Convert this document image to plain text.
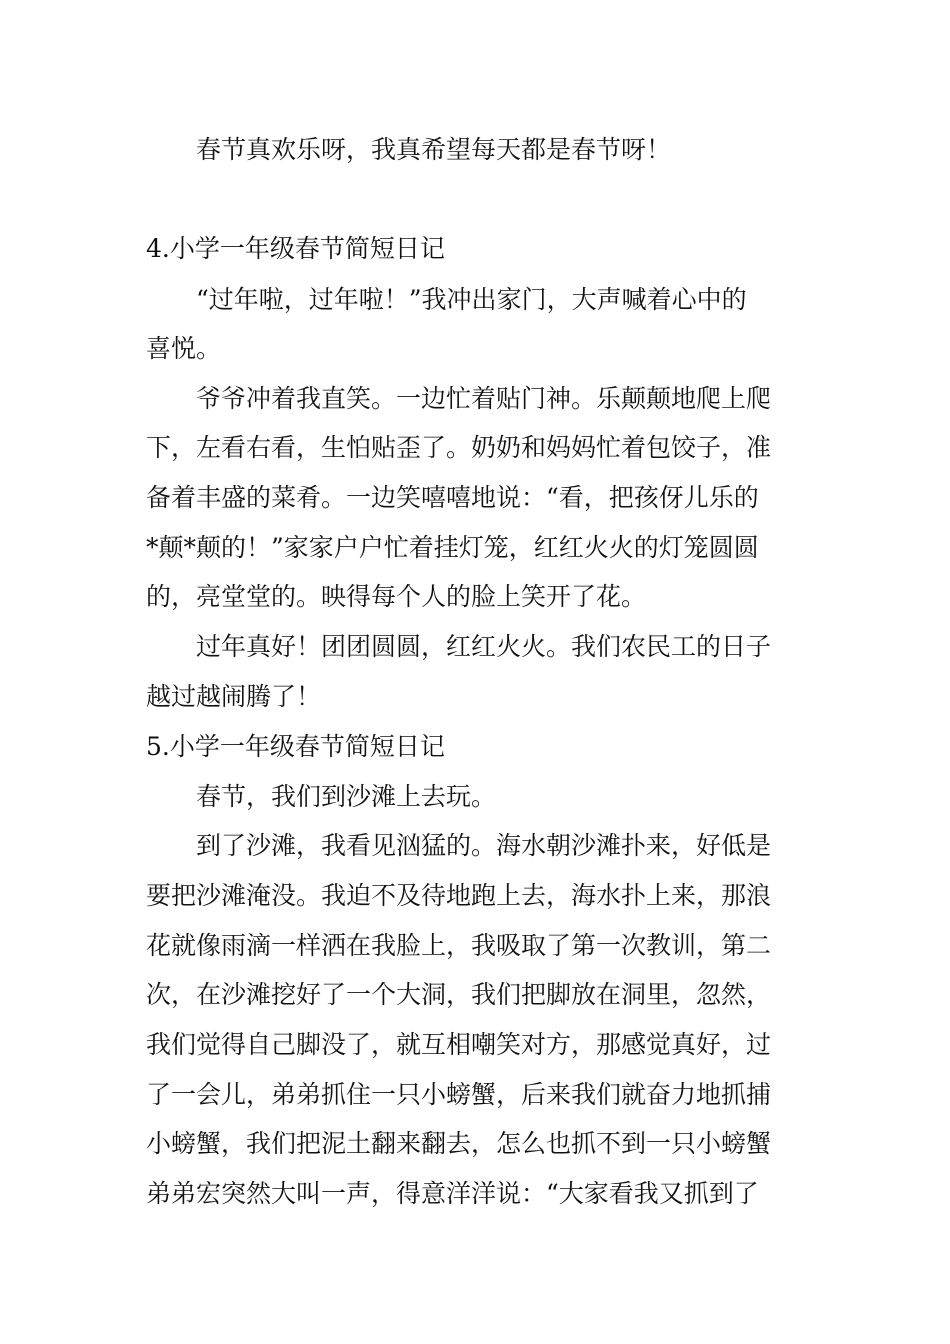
春节真欢乐呀，我真希望每天都是春节呀！
4.小学一年级春节简短日记
“过年啦，过年啦！”我冲出家门，大声喊着心中的
喜悦。
爷爷冲着我直笑。一边忙着贴门神。乐颠颠地爬上爬
下，左看右看，生怕贴歪了。奶奶和妈妈忙着包饺子，准
备着丰盛的菜肴。一边笑嘻嘻地说：“看，把孩伢儿乐的
*颠*颠的！”家家户户忙着挂灯笼，红红火火的灯笼圆圆
的，亮堂堂的。映得每个人的脸上笑开了花。
过年真好！团团圆圆，红红火火。我们农民工的日子
越过越闹腾了！
5.小学一年级春节简短日记
春节，我们到沙滩上去玩。
到了沙滩，我看见汹猛的。海水朝沙滩扑来，好低是
要把沙滩淹没。我迫不及待地跑上去，海水扑上来，那浪
花就像雨滴一样洒在我脸上，我吸取了第一次教训，第二
次，在沙滩挖好了一个大洞，我们把脚放在洞里，忽然，
我们觉得自己脚没了，就互相嘲笑对方，那感觉真好，过
了一会儿，弟弟抓住一只小螃蟹，后来我们就奋力地抓捕
小螃蟹，我们把泥土翻来翻去，怎么也抓不到一只小螃蟹
弟弟宏突然大叫一声，得意洋洋说：“大家看我又抓到了
